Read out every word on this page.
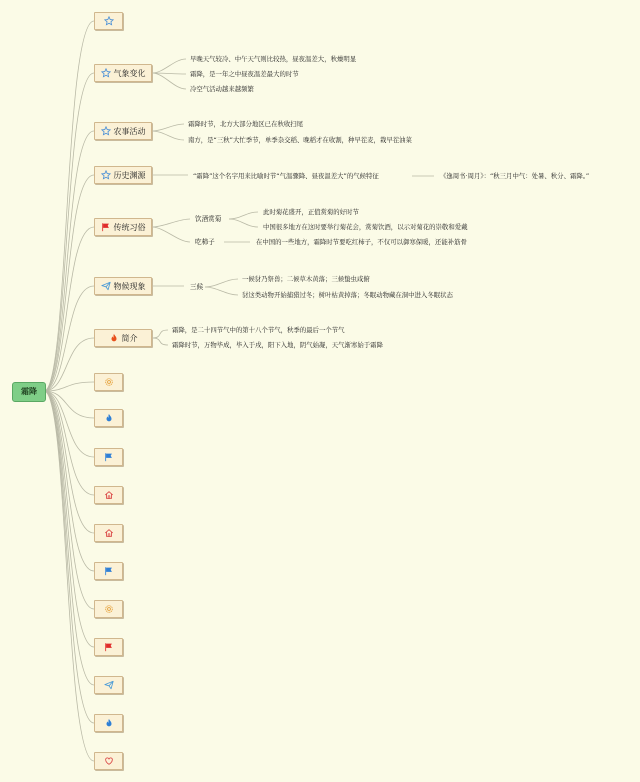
霜降
气象变化
早晚天气较冷、中午天气则比较热，昼夜温差大，秋燥明显
霜降，是一年之中昼夜温差最大的时节
冷空气活动越来越频繁
农事活动
霜降时节，北方大部分地区已在秋收扫尾
南方，是“三秋”大忙季节，单季杂交稻、晚稻才在收割，种早茬麦，栽早茬油菜
历史渊源	“霜降”这个名字用来比喻时节“气温骤降、昼夜温差大”的气候特征	《逸周书·周月》：“秋三月中气：处暑、秋分、霜降。”
传统习俗
饮酒赏菊
此时菊花盛开，正值赏菊的好时节
中国很多地方在这时要举行菊花会，赏菊饮酒，以示对菊花的崇敬和爱戴
吃柿子	在中国的一些地方，霜降时节要吃红柿子，不仅可以御寒保暖，还能补筋骨
物候现象	三候
一候豺乃祭兽；二候草木黄落；三候蛰虫咸俯
豺这类动物开始捕猎过冬；树叶枯黄掉落；冬眠动物藏在洞中进入冬眠状态
简介
霜降，是二十四节气中的第十八个节气，秋季的最后一个节气
霜降时节，万物毕成，毕入于戌，阳下入地，阴气始凝，天气渐寒始于霜降
